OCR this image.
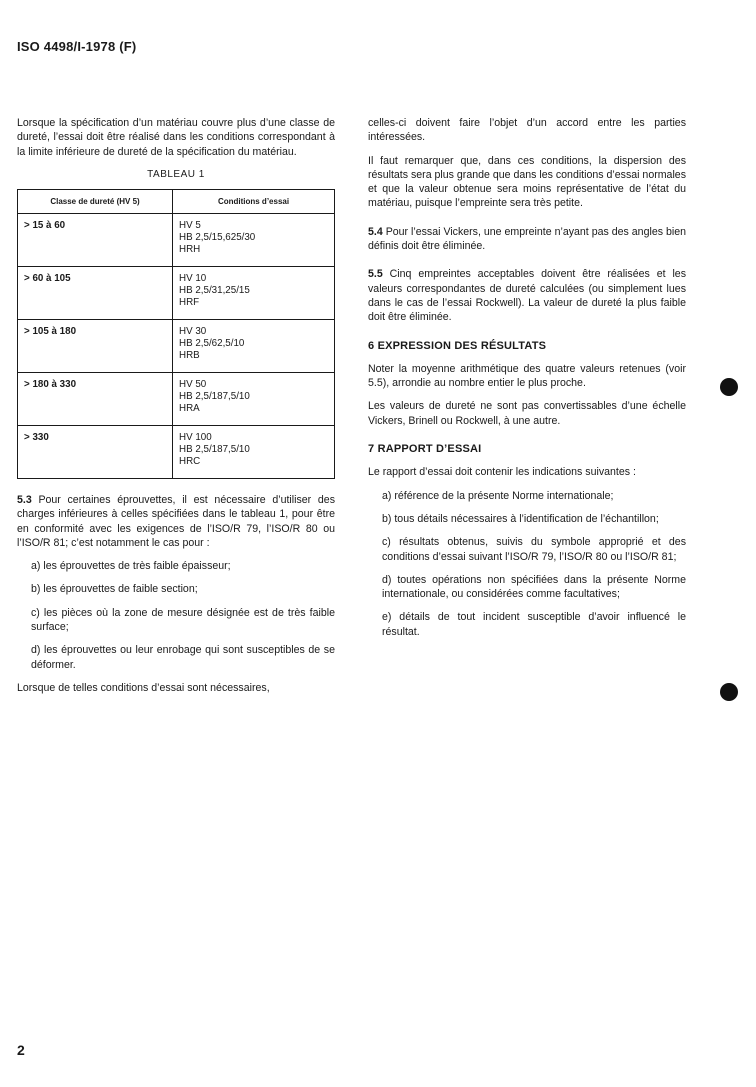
ISO 4498/I-1978 (F)

Lorsque la spécification d’un matériau couvre plus d’une classe de dureté, l’essai doit être réalisé dans les conditions correspondant à la limite inférieure de dureté de la spécification du matériau.

TABLEAU 1
Classe de dureté (HV 5)	Conditions d’essai
> 15 à 60	HV 5
HB 2,5/15,625/30
HRH

> 60 à 105	HV 10
HB 2,5/31,25/15
HRF

> 105 à 180	HV 30
HB 2,5/62,5/10
HRB

> 180 à 330	HV 50
HB 2,5/187,5/10
HRA

> 330	HV 100
HB 2,5/187,5/10
HRC

5.3 Pour certaines éprouvettes, il est nécessaire d’utiliser des charges inférieures à celles spécifiées dans le tableau 1, pour être en conformité avec les exigences de l’ISO/R 79, l’ISO/R 80 ou l’ISO/R 81; c’est notamment le cas pour :

a) les éprouvettes de très faible épaisseur;

b) les éprouvettes de faible section;

c) les pièces où la zone de mesure désignée est de très faible surface;

d) les éprouvettes ou leur enrobage qui sont susceptibles de se déformer.

Lorsque de telles conditions d’essai sont nécessaires,

celles-ci doivent faire l’objet d’un accord entre les parties intéressées.

Il faut remarquer que, dans ces conditions, la dispersion des résultats sera plus grande que dans les conditions d’essai normales et que la valeur obtenue sera moins représentative de l’état du matériau, puisque l’empreinte sera très petite.

5.4 Pour l’essai Vickers, une empreinte n’ayant pas des angles bien définis doit être éliminée.

5.5 Cinq empreintes acceptables doivent être réalisées et les valeurs correspondantes de dureté calculées (ou simplement lues dans le cas de l’essai Rockwell). La valeur de dureté la plus faible doit être éliminée.

6 EXPRESSION DES RÉSULTATS

Noter la moyenne arithmétique des quatre valeurs retenues (voir 5.5), arrondie au nombre entier le plus proche.

Les valeurs de dureté ne sont pas convertissables d’une échelle Vickers, Brinell ou Rockwell, à une autre.

7 RAPPORT D’ESSAI

Le rapport d’essai doit contenir les indications suivantes :

a) référence de la présente Norme internationale;

b) tous détails nécessaires à l’identification de l’échantillon;

c) résultats obtenus, suivis du symbole approprié et des conditions d’essai suivant l’ISO/R 79, l’ISO/R 80 ou l’ISO/R 81;

d) toutes opérations non spécifiées dans la présente Norme internationale, ou considérées comme facultatives;

e) détails de tout incident susceptible d’avoir influencé le résultat.

2
